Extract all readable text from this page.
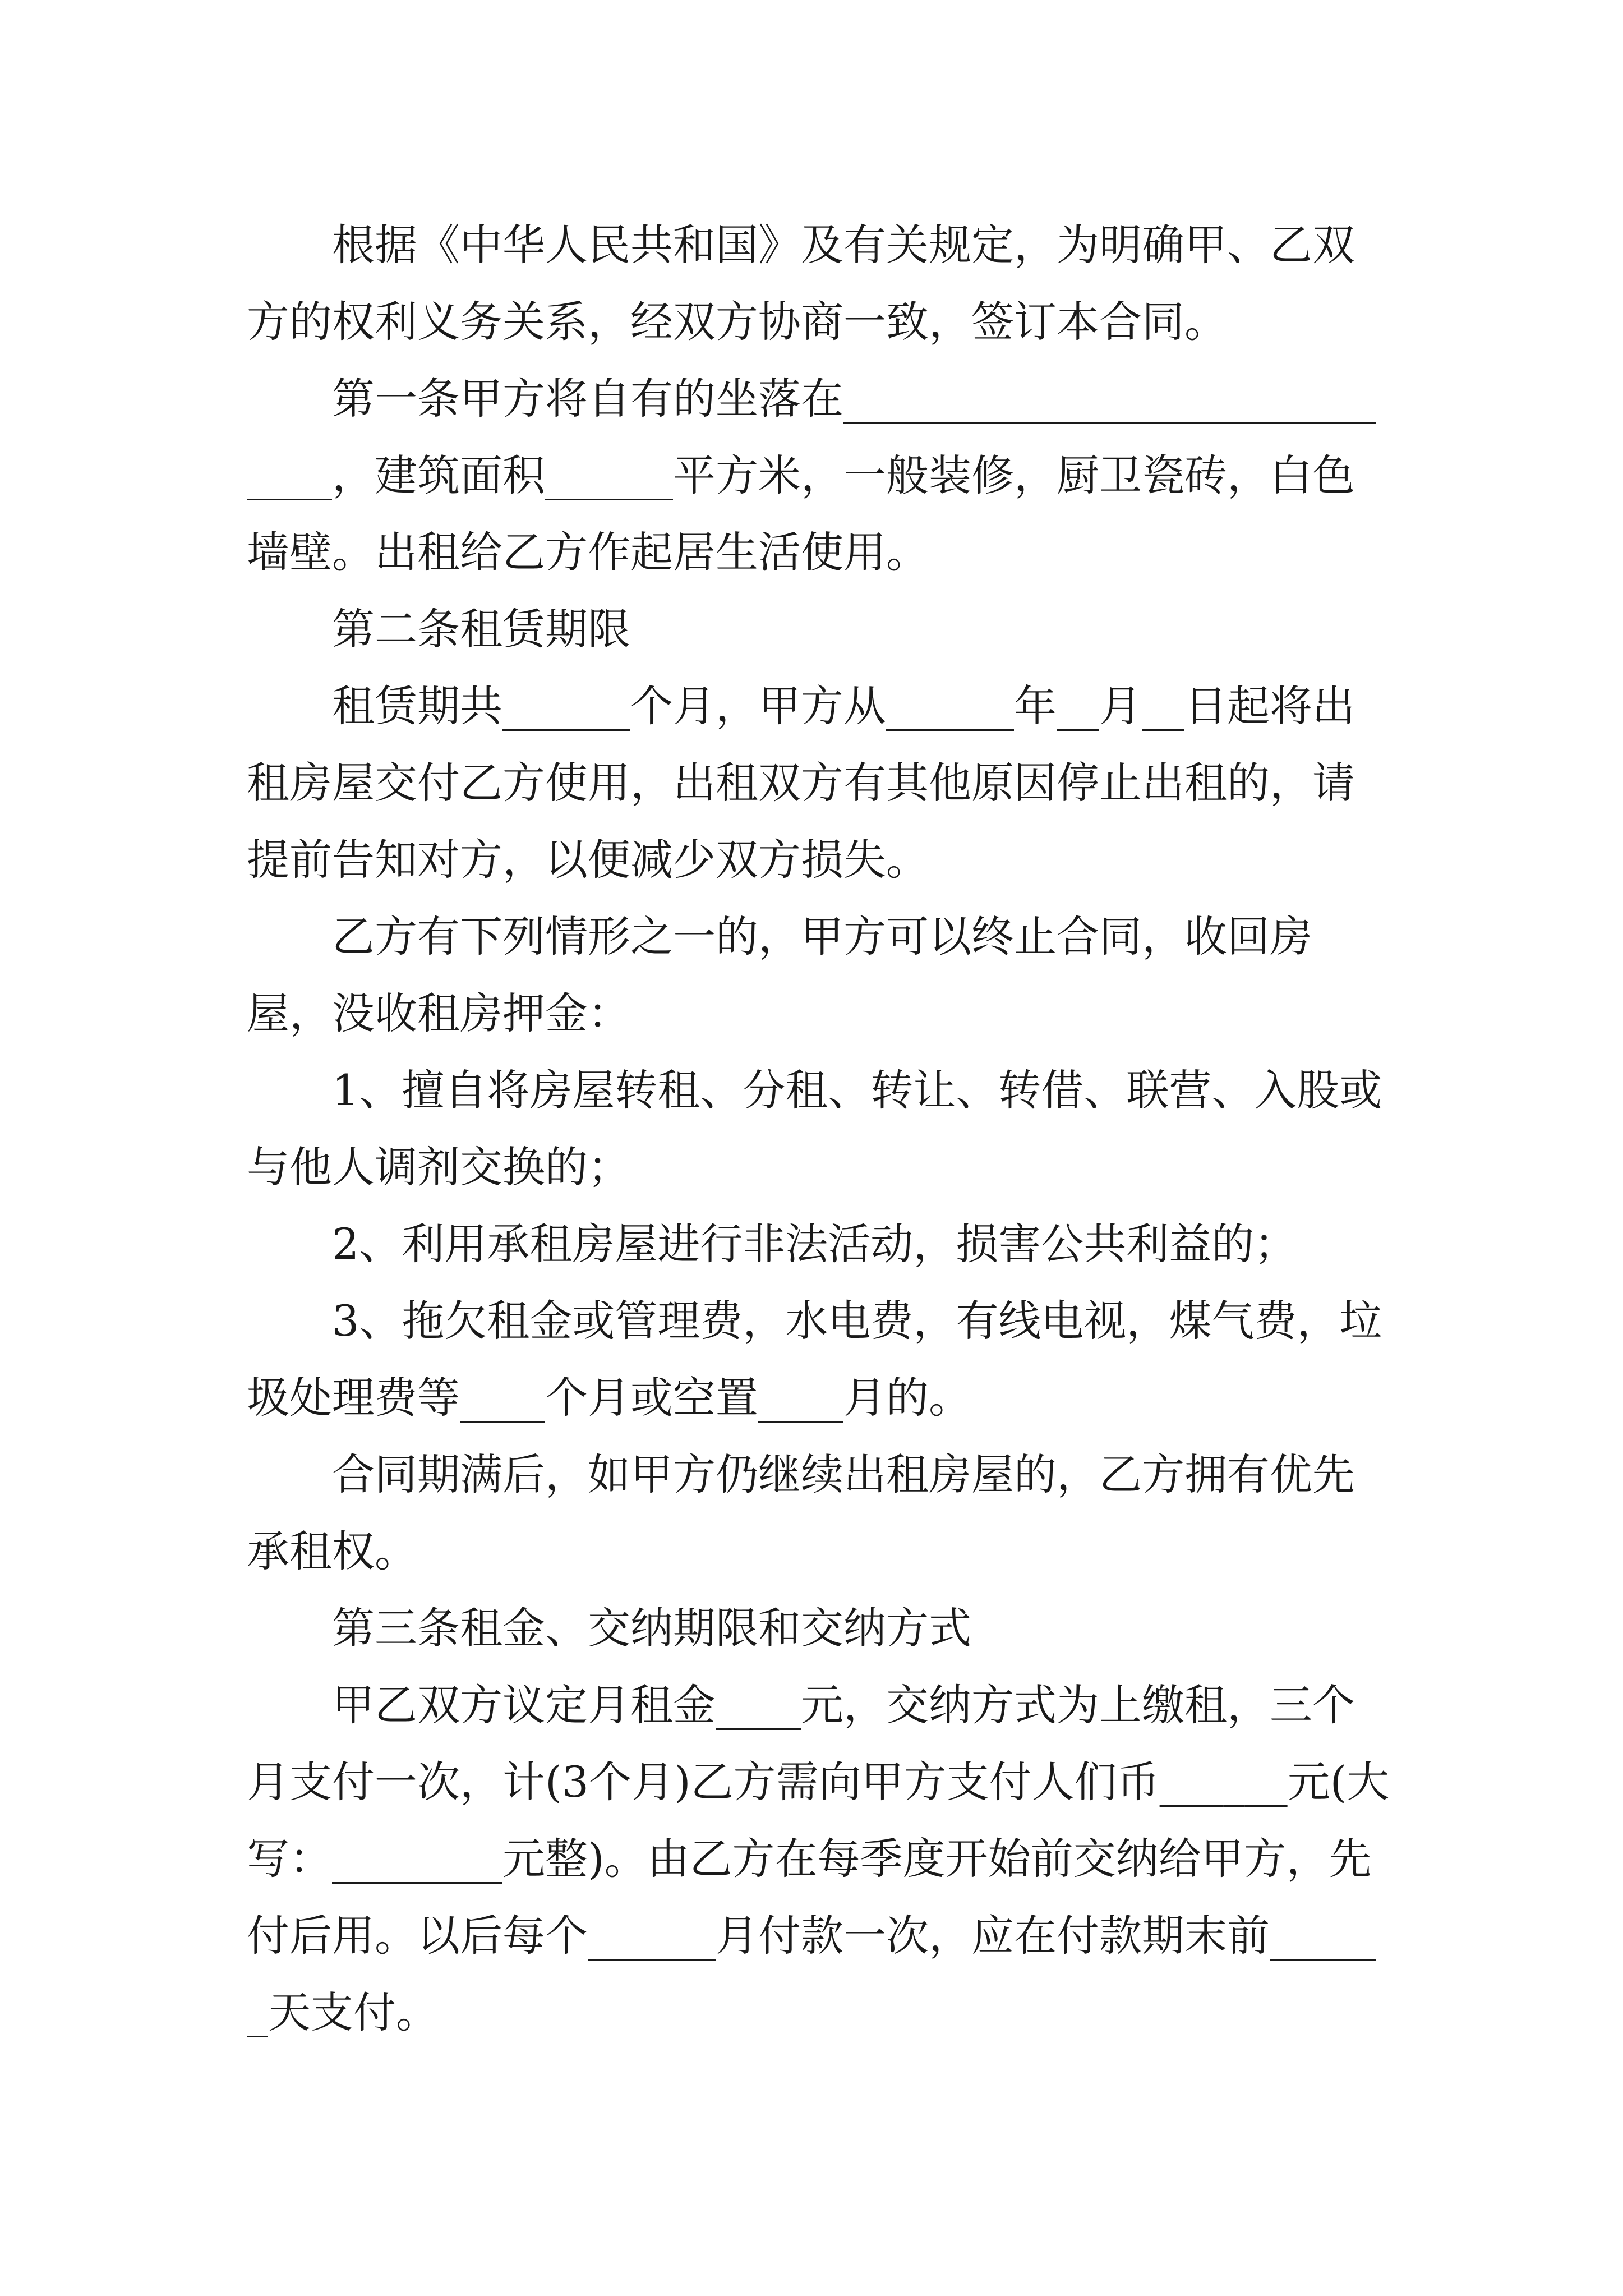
根据《中华人民共和国》及有关规定，为明确甲、乙双方的权利义务关系，经双方协商一致，签订本合同。

第一条甲方将自有的坐落在_____________________________，建筑面积______平方米，一般装修，厨卫瓷砖，白色墙壁。出租给乙方作起居生活使用。

第二条租赁期限

租赁期共______个月，甲方从______年__月__日起将出租房屋交付乙方使用，出租双方有其他原因停止出租的，请提前告知对方，以便减少双方损失。

乙方有下列情形之一的，甲方可以终止合同，收回房屋，没收租房押金：

1、擅自将房屋转租、分租、转让、转借、联营、入股或与他人调剂交换的；

2、利用承租房屋进行非法活动，损害公共利益的；

3、拖欠租金或管理费，水电费，有线电视，煤气费，垃圾处理费等____个月或空置____月的。

合同期满后，如甲方仍继续出租房屋的，乙方拥有优先承租权。

第三条租金、交纳期限和交纳方式

甲乙双方议定月租金____元，交纳方式为上缴租，三个月支付一次，计(3个月)乙方需向甲方支付人们币______元(大写：________元整)。由乙方在每季度开始前交纳给甲方，先付后用。以后每个______月付款一次，应在付款期末前______天支付。
